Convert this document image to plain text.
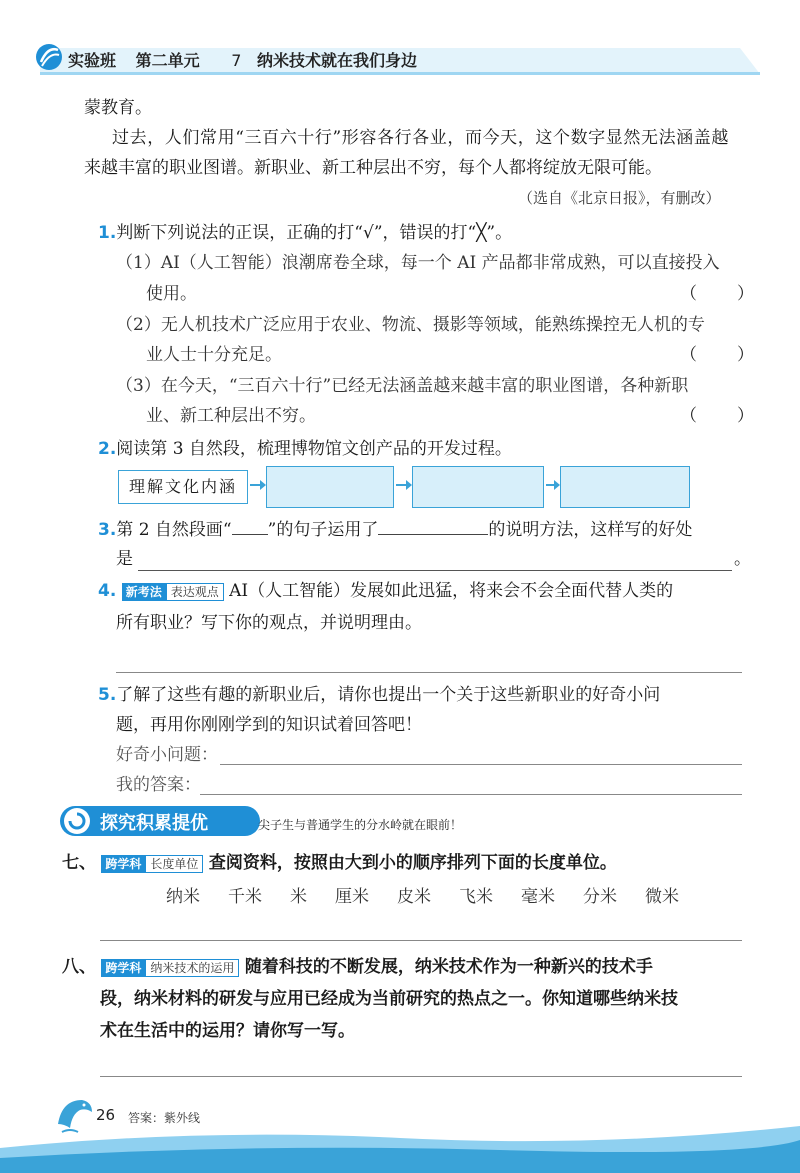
实验班 第二单元 7 纳米技术就在我们身边
蒙教育。
过去，人们常用“三百六十行”形容各行各业，而今天，这个数字显然无法涵盖越
来越丰富的职业图谱。新职业、新工种层出不穷，每个人都将绽放无限可能。
（选自《北京日报》，有删改）
1.判断下列说法的正误，正确的打“√”，错误的打“╳”。
（1）AI（人工智能）浪潮席卷全球，每一个 AI 产品都非常成熟，可以直接投入
使用。	（　　）
（2）无人机技术广泛应用于农业、物流、摄影等领域，能熟练操控无人机的专
业人士十分充足。	（　　）
（3）在今天，“三百六十行”已经无法涵盖越来越丰富的职业图谱，各种新职
业、新工种层出不穷。	（　　）
2.阅读第 3 自然段，梳理博物馆文创产品的开发过程。
理解文化内涵
3.第 2 自然段画“ ”的句子运用了	的说明方法，这样写的好处
是	。
4. 新考法 表达观点 AI（人工智能）发展如此迅猛，将来会不会全面代替人类的
所有职业？写下你的观点，并说明理由。
5.了解了这些有趣的新职业后，请你也提出一个关于这些新职业的好奇小问
题，再用你刚刚学到的知识试着回答吧！
好奇小问题：
我的答案：
探究积累提优	尖子生与普通学生的分水岭就在眼前！
七、 跨学科 长度单位 查阅资料，按照由大到小的顺序排列下面的长度单位。
纳米 千米 米 厘米 皮米 飞米 毫米 分米 微米
八、 跨学科 纳米技术的运用 随着科技的不断发展，纳米技术作为一种新兴的技术手
段，纳米材料的研发与应用已经成为当前研究的热点之一。你知道哪些纳米技
术在生活中的运用？请你写一写。
26 答案：紫外线
